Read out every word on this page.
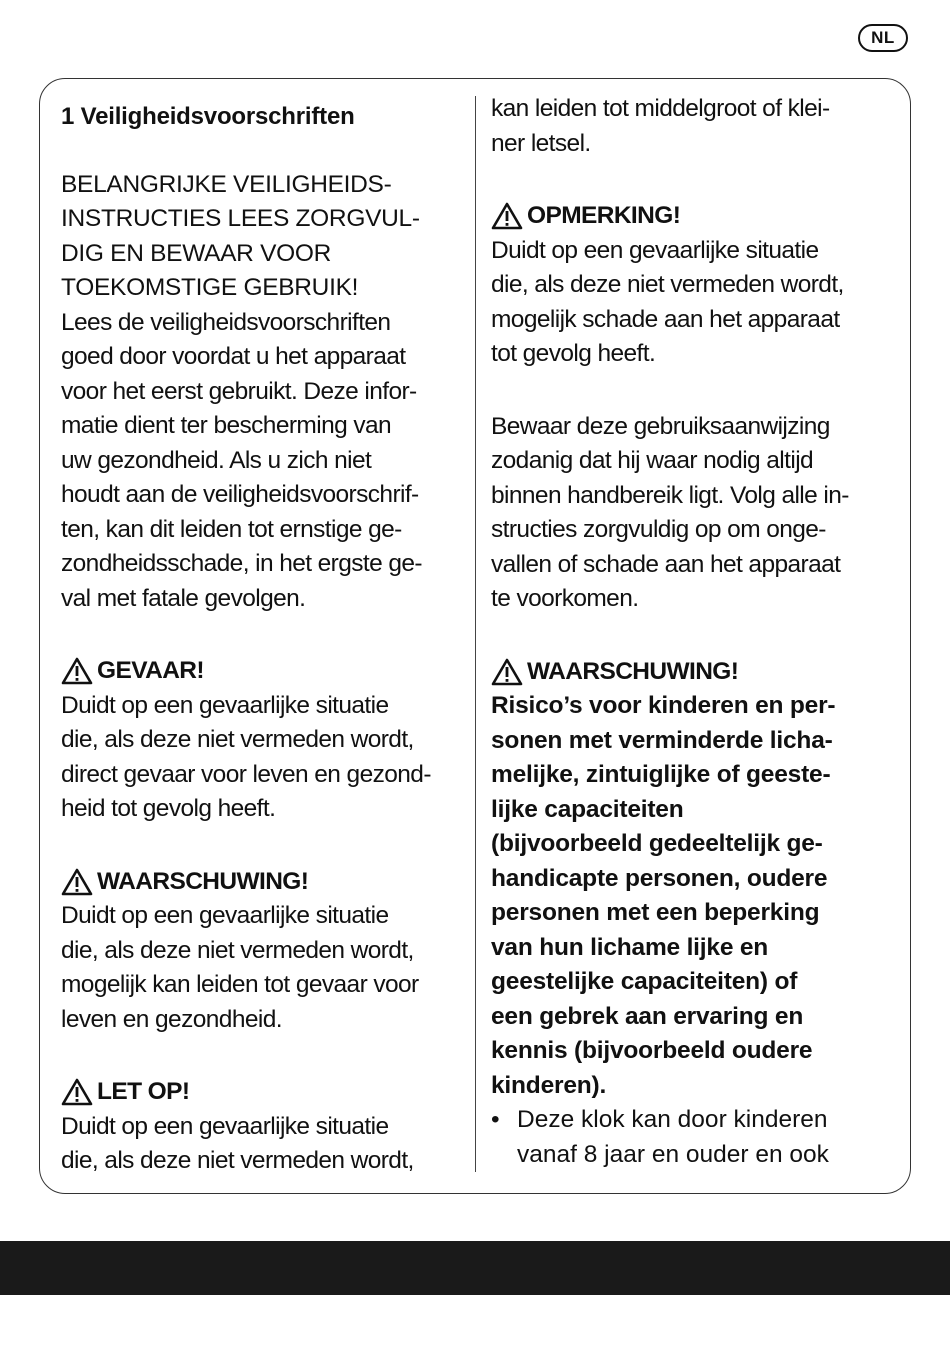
NL

1 Veiligheidsvoorschriften

BELANGRIJKE VEILIGHEIDS-

INSTRUCTIES LEES ZORGVUL-

DIG EN BEWAAR VOOR

TOEKOMSTIGE GEBRUIK!

Lees de veiligheidsvoorschriften

goed door voordat u het apparaat

voor het eerst gebruikt. Deze infor-

matie dient ter bescherming van

uw gezondheid. Als u zich niet

houdt aan de veiligheidsvoorschrif-

ten, kan dit leiden tot ernstige ge-

zondheidsschade, in het ergste ge-

val met fatale gevolgen.

GEVAAR!

Duidt op een gevaarlijke situatie

die, als deze niet vermeden wordt,

direct gevaar voor leven en gezond-

heid tot gevolg heeft.

WAARSCHUWING!

Duidt op een gevaarlijke situatie

die, als deze niet vermeden wordt,

mogelijk kan leiden tot gevaar voor

leven en gezondheid.

LET OP!

Duidt op een gevaarlijke situatie

die, als deze niet vermeden wordt,

kan leiden tot middelgroot of klei-

ner letsel.

OPMERKING!

Duidt op een gevaarlijke situatie

die, als deze niet vermeden wordt,

mogelijk schade aan het apparaat

tot gevolg heeft.

Bewaar deze gebruiksaanwijzing

zodanig dat hij waar nodig altijd

binnen handbereik ligt. Volg alle in-

structies zorgvuldig op om onge-

vallen of schade aan het apparaat

te voorkomen.

WAARSCHUWING!

Risico’s voor kinderen en per-

sonen met verminderde licha-

melijke, zintuiglijke of geeste-

lijke capaciteiten

(bijvoorbeeld gedeeltelijk ge-

handicapte personen, oudere

personen met een beperking

van hun lichame lijke en

geestelijke capaciteiten) of

een gebrek aan ervaring en

kennis (bijvoorbeeld oudere

kinderen).

• Deze klok kan door kinderen

vanaf 8 jaar en ouder en ook
